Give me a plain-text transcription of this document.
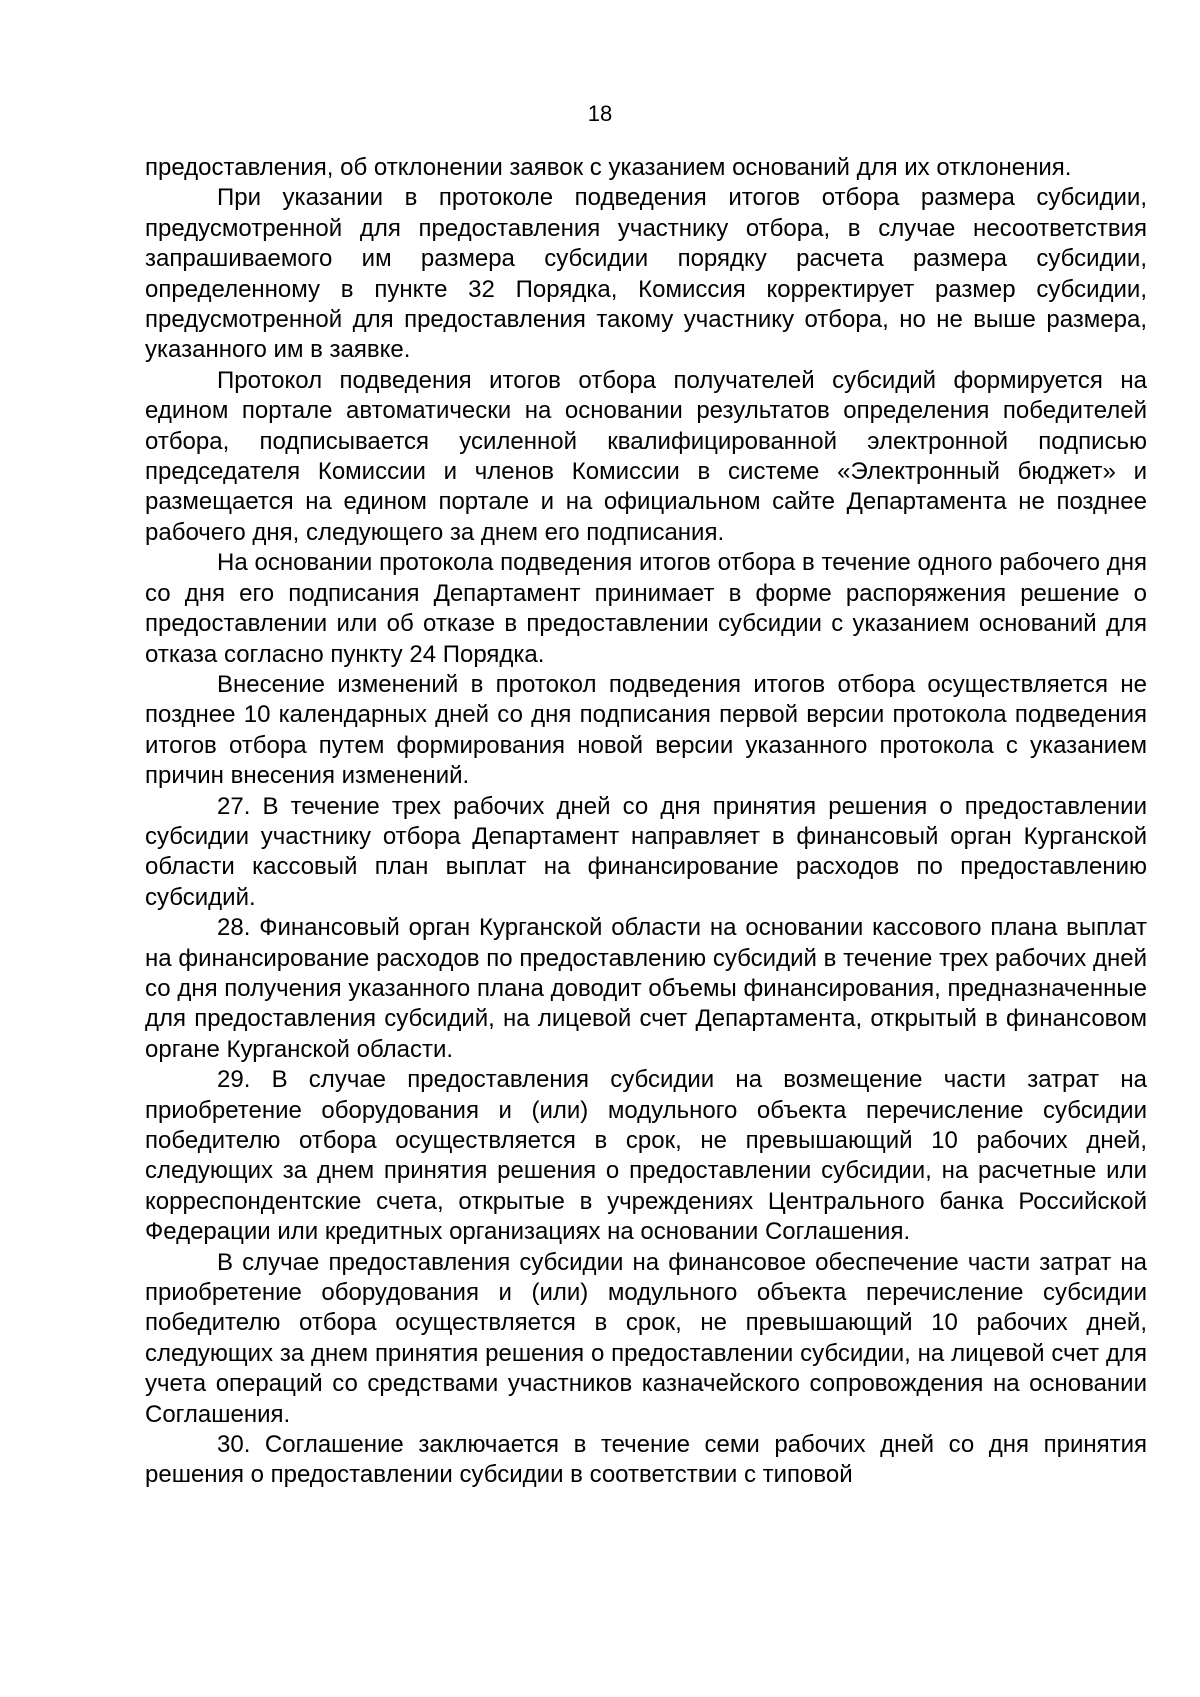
18

предоставления, об отклонении заявок с указанием оснований для их отклонения.

При указании в протоколе подведения итогов отбора размера субсидии, предусмотренной для предоставления участнику отбора, в случае несоответствия запрашиваемого им размера субсидии порядку расчета размера субсидии, определенному в пункте 32 Порядка, Комиссия корректирует размер субсидии, предусмотренной для предоставления такому участнику отбора, но не выше размера, указанного им в заявке.

Протокол подведения итогов отбора получателей субсидий формируется на едином портале автоматически на основании результатов определения победителей отбора, подписывается усиленной квалифицированной электронной подписью председателя Комиссии и членов Комиссии в системе «Электронный бюджет» и размещается на едином портале и на официальном сайте Департамента не позднее рабочего дня, следующего за днем его подписания.

На основании протокола подведения итогов отбора в течение одного рабочего дня со дня его подписания Департамент принимает в форме распоряжения решение о предоставлении или об отказе в предоставлении субсидии с указанием оснований для отказа согласно пункту 24 Порядка.

Внесение изменений в протокол подведения итогов отбора осуществляется не позднее 10 календарных дней со дня подписания первой версии протокола подведения итогов отбора путем формирования новой версии указанного протокола с указанием причин внесения изменений.

27. В течение трех рабочих дней со дня принятия решения о предоставлении субсидии участнику отбора Департамент направляет в финансовый орган Курганской области кассовый план выплат на финансирование расходов по предоставлению субсидий.

28. Финансовый орган Курганской области на основании кассового плана выплат на финансирование расходов по предоставлению субсидий в течение трех рабочих дней со дня получения указанного плана доводит объемы финансирования, предназначенные для предоставления субсидий, на лицевой счет Департамента, открытый в финансовом органе Курганской области.

29. В случае предоставления субсидии на возмещение части затрат на приобретение оборудования и (или) модульного объекта перечисление субсидии победителю отбора осуществляется в срок, не превышающий 10 рабочих дней, следующих за днем принятия решения о предоставлении субсидии, на расчетные или корреспондентские счета, открытые в учреждениях Центрального банка Российской Федерации или кредитных организациях на основании Соглашения.

В случае предоставления субсидии на финансовое обеспечение части затрат на приобретение оборудования и (или) модульного объекта перечисление субсидии победителю отбора осуществляется в срок, не превышающий 10 рабочих дней, следующих за днем принятия решения о предоставлении субсидии, на лицевой счет для учета операций со средствами участников казначейского сопровождения на основании Соглашения.

30. Соглашение заключается в течение семи рабочих дней со дня принятия решения о предоставлении субсидии в соответствии с типовой
